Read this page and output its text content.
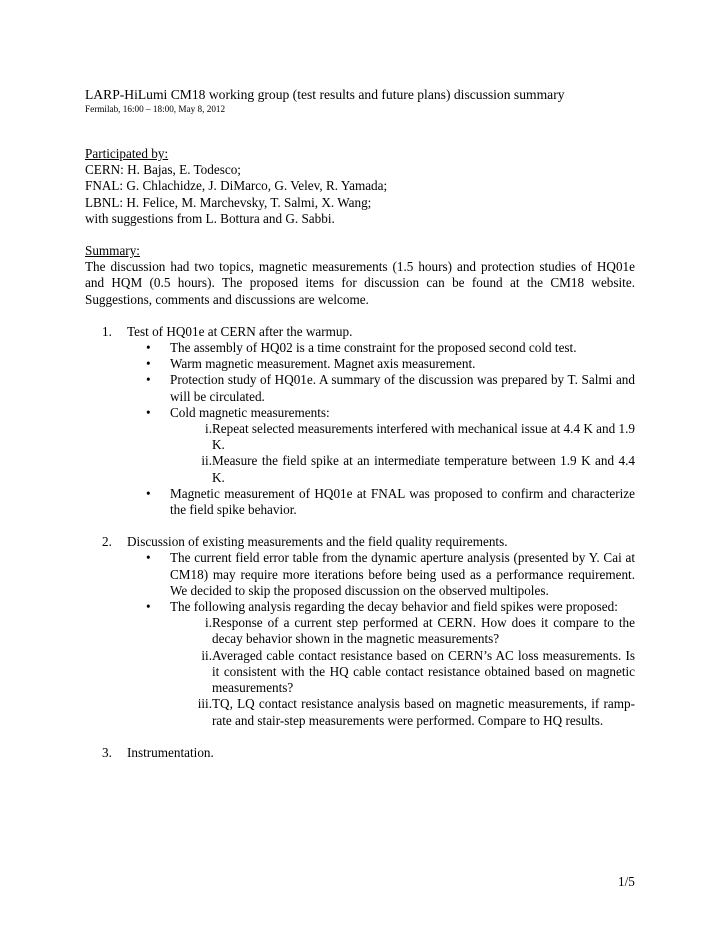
LARP-HiLumi CM18 working group (test results and future plans) discussion summary
Fermilab, 16:00 – 18:00, May 8, 2012
Participated by:
CERN: H. Bajas, E. Todesco;
FNAL: G. Chlachidze, J. DiMarco, G. Velev, R. Yamada;
LBNL: H. Felice, M. Marchevsky, T. Salmi, X. Wang;
with suggestions from L. Bottura and G. Sabbi.
Summary:
The discussion had two topics, magnetic measurements (1.5 hours) and protection studies of HQ01e and HQM (0.5 hours). The proposed items for discussion can be found at the CM18 website. Suggestions, comments and discussions are welcome.
1. Test of HQ01e at CERN after the warmup.
• The assembly of HQ02 is a time constraint for the proposed second cold test.
• Warm magnetic measurement. Magnet axis measurement.
• Protection study of HQ01e. A summary of the discussion was prepared by T. Salmi and will be circulated.
• Cold magnetic measurements:
i. Repeat selected measurements interfered with mechanical issue at 4.4 K and 1.9 K.
ii. Measure the field spike at an intermediate temperature between 1.9 K and 4.4 K.
• Magnetic measurement of HQ01e at FNAL was proposed to confirm and characterize the field spike behavior.
2. Discussion of existing measurements and the field quality requirements.
• The current field error table from the dynamic aperture analysis (presented by Y. Cai at CM18) may require more iterations before being used as a performance requirement. We decided to skip the proposed discussion on the observed multipoles.
• The following analysis regarding the decay behavior and field spikes were proposed:
i. Response of a current step performed at CERN. How does it compare to the decay behavior shown in the magnetic measurements?
ii. Averaged cable contact resistance based on CERN’s AC loss measurements. Is it consistent with the HQ cable contact resistance obtained based on magnetic measurements?
iii. TQ, LQ contact resistance analysis based on magnetic measurements, if ramp-rate and stair-step measurements were performed. Compare to HQ results.
3. Instrumentation.
1/5
